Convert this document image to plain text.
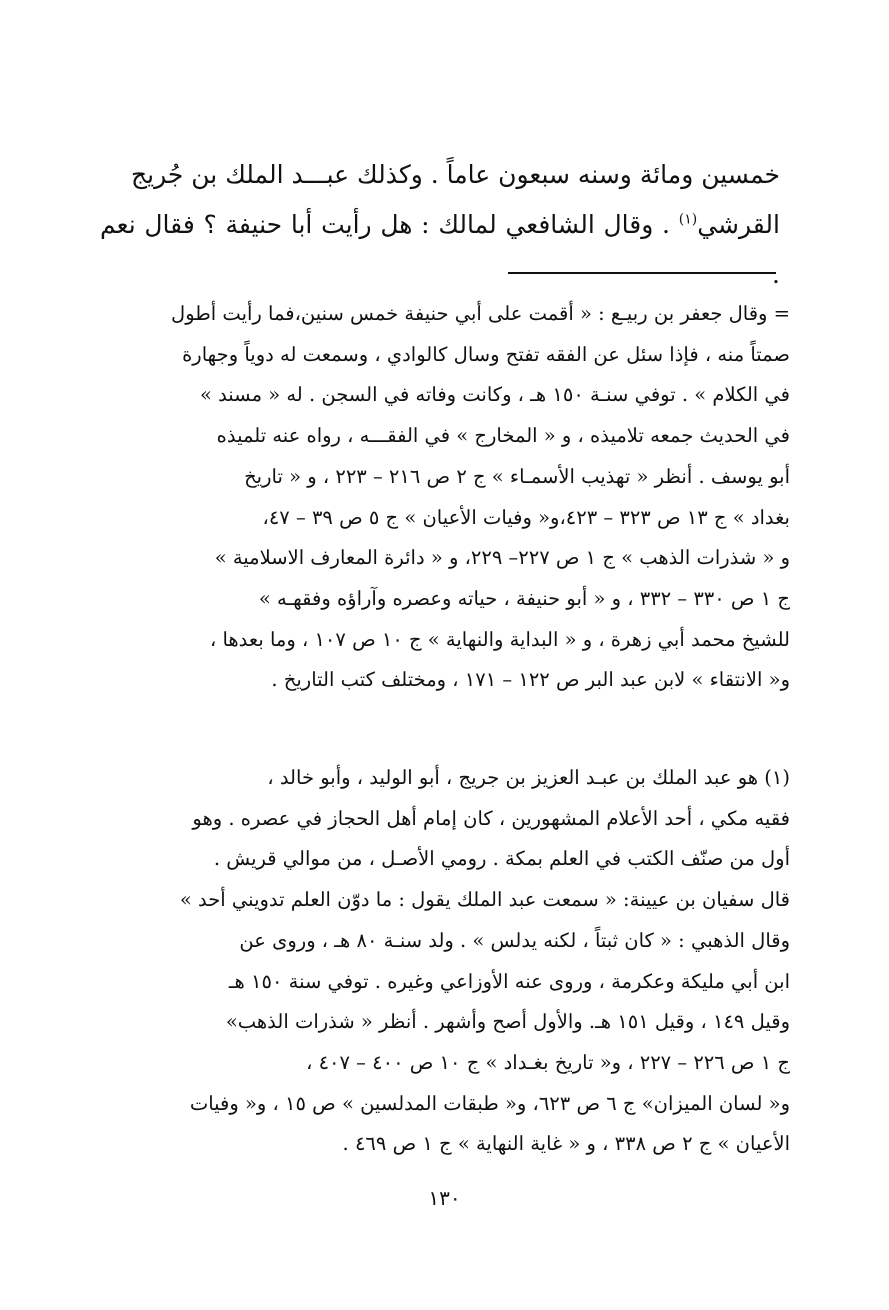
خمسين ومائة وسنه سبعون عاماً . وكذلك عبـــد الملك بن جُريج

القرشي$^{(١)}$ . وقال الشافعي لمالك : هل رأيت أبا حنيفة ؟ فقال نعم .

= وقال جعفر بن ربيـع : « أقمت على أبي حنيفة خمس سنين،فما رأيت أطول

صمتاً منه ، فإذا سئل عن الفقه تفتح وسال كالوادي ، وسمعت له دوياً وجهارة

في الكلام » . توفي سنـة ١٥٠ هـ ، وكانت وفاته في السجن . له « مسند »

في الحديث جمعه تلاميذه ، و « المخارج » في الفقـــه ، رواه عنه تلميذه

أبو يوسف . أنظر « تهذيب الأسمـاء » ج ٢ ص ٢١٦ – ٢٢٣ ، و « تاريخ

بغداد » ج ١٣ ص ٣٢٣ – ٤٢٣،و« وفيات الأعيان » ج ٥ ص ٣٩ – ٤٧،

و « شذرات الذهب » ج ١ ص ٢٢٧– ٢٢٩، و « دائرة المعارف الاسلامية »

ج ١ ص ٣٣٠ – ٣٣٢ ، و « أبو حنيفة ، حياته وعصره وآراؤه وفقهـه »

للشيخ محمد أبي زهرة ، و « البداية والنهاية » ج ١٠ ص ١٠٧ ، وما بعدها ،

و« الانتقاء » لابن عبد البر ص ١٢٢ – ١٧١ ، ومختلف كتب التاريخ .

(١) هو عبد الملك بن عبـد العزيز بن جريج ، أبو الوليد ، وأبو خالد ،

فقيه مكي ، أحد الأعلام المشهورين ، كان إمام أهل الحجاز في عصره . وهو

أول من صنّف الكتب في العلم بمكة . رومي الأصـل ، من موالي قريش .

قال سفيان بن عيينة: « سمعت عبد الملك يقول : ما دوّن العلم تدويني أحد »

وقال الذهبي : « كان ثبتاً ، لكنه يدلس » . ولد سنـة ٨٠ هـ ، وروى عن

ابن أبي مليكة وعكرمة ، وروى عنه الأوزاعي وغيره . توفي سنة ١٥٠ هـ

وقيل ١٤٩ ، وقيل ١٥١ هـ. والأول أصح وأشهر . أنظر « شذرات الذهب»

ج ١ ص ٢٢٦ – ٢٢٧ ، و« تاريخ بغـداد » ج ١٠ ص ٤٠٠ – ٤٠٧ ،

و« لسان الميزان» ج ٦ ص ٦٢٣، و« طبقات المدلسين » ص ١٥ ، و« وفيات

الأعيان » ج ٢ ص ٣٣٨ ، و « غاية النهاية » ج ١ ص ٤٦٩ .

١٣٠
